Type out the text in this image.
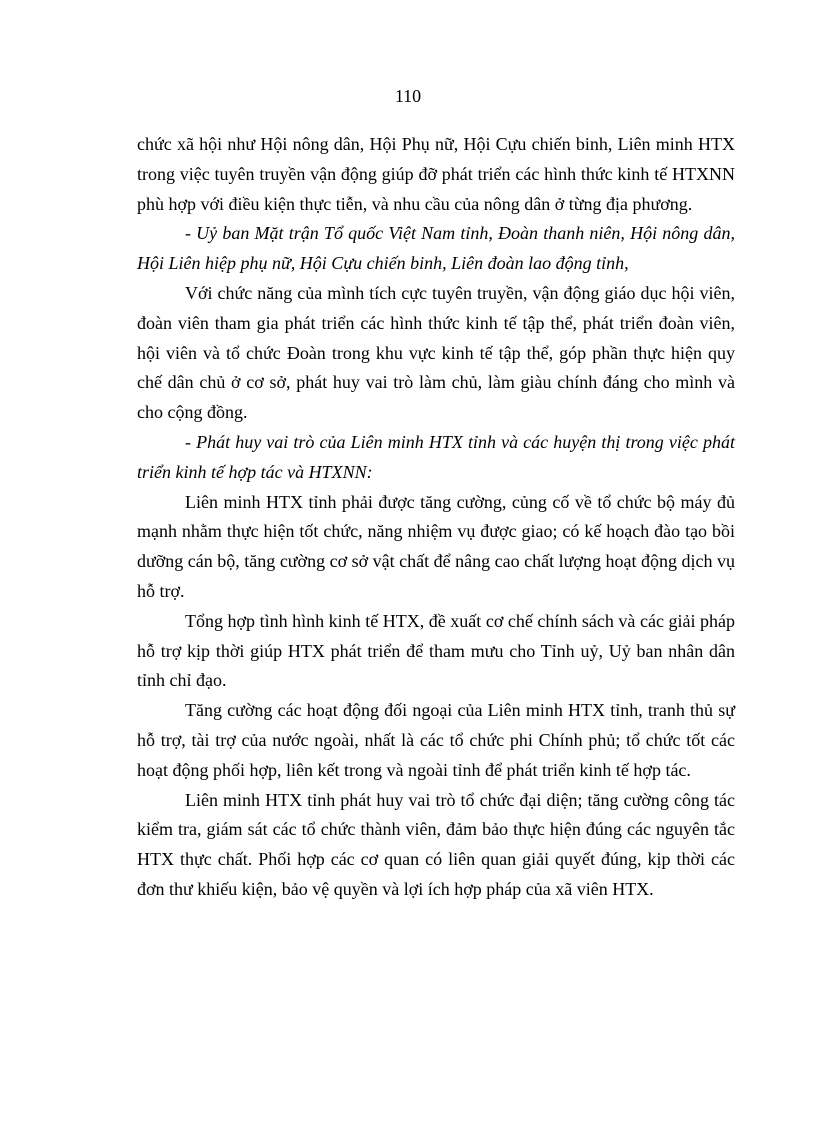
110

chức xã hội như Hội nông dân, Hội Phụ nữ, Hội Cựu chiến binh, Liên minh HTX trong việc tuyên truyền vận động giúp đỡ phát triển các hình thức kinh tế HTXNN phù hợp với điều kiện thực tiễn, và nhu cầu của nông dân ở từng địa phương.

- Uỷ ban Mặt trận Tổ quốc Việt Nam tỉnh, Đoàn thanh niên, Hội nông dân, Hội Liên hiệp phụ nữ, Hội Cựu chiến binh, Liên đoàn lao động tỉnh,

Với chức năng của mình tích cực tuyên truyền, vận động giáo dục hội viên, đoàn viên tham gia phát triển các hình thức kinh tế tập thể, phát triển đoàn viên, hội viên và tổ chức Đoàn trong khu vực kinh tế tập thể, góp phần thực hiện quy chế dân chủ ở cơ sở, phát huy vai trò làm chủ, làm giàu chính đáng cho mình và cho cộng đồng.

- Phát huy vai trò của Liên minh HTX tỉnh và các huyện thị trong việc phát triển kinh tế hợp tác và HTXNN:

Liên minh HTX tỉnh phải được tăng cường, củng cố về tổ chức bộ máy đủ mạnh nhằm thực hiện tốt chức, năng nhiệm vụ được giao; có kế hoạch đào tạo bồi dưỡng cán bộ, tăng cường cơ sở vật chất để nâng cao chất lượng hoạt động dịch vụ hỗ trợ.

Tổng hợp tình hình kinh tế HTX, đề xuất cơ chế chính sách và các giải pháp hỗ trợ kịp thời giúp HTX phát triển để tham mưu cho Tỉnh uỷ, Uỷ ban nhân dân tỉnh chỉ đạo.

Tăng cường các hoạt động đối ngoại của Liên minh HTX tỉnh, tranh thủ sự hỗ trợ, tài trợ của nước ngoài, nhất là các tổ chức phi Chính phủ; tổ chức tốt các hoạt động phối hợp, liên kết trong và ngoài tỉnh để phát triển kinh tế hợp tác.

Liên minh HTX tỉnh phát huy vai trò tổ chức đại diện; tăng cường công tác kiểm tra, giám sát các tổ chức thành viên, đảm bảo thực hiện đúng các nguyên tắc HTX thực chất. Phối hợp các cơ quan có liên quan giải quyết đúng, kịp thời các đơn thư khiếu kiện, bảo vệ quyền và lợi ích hợp pháp của xã viên HTX.
